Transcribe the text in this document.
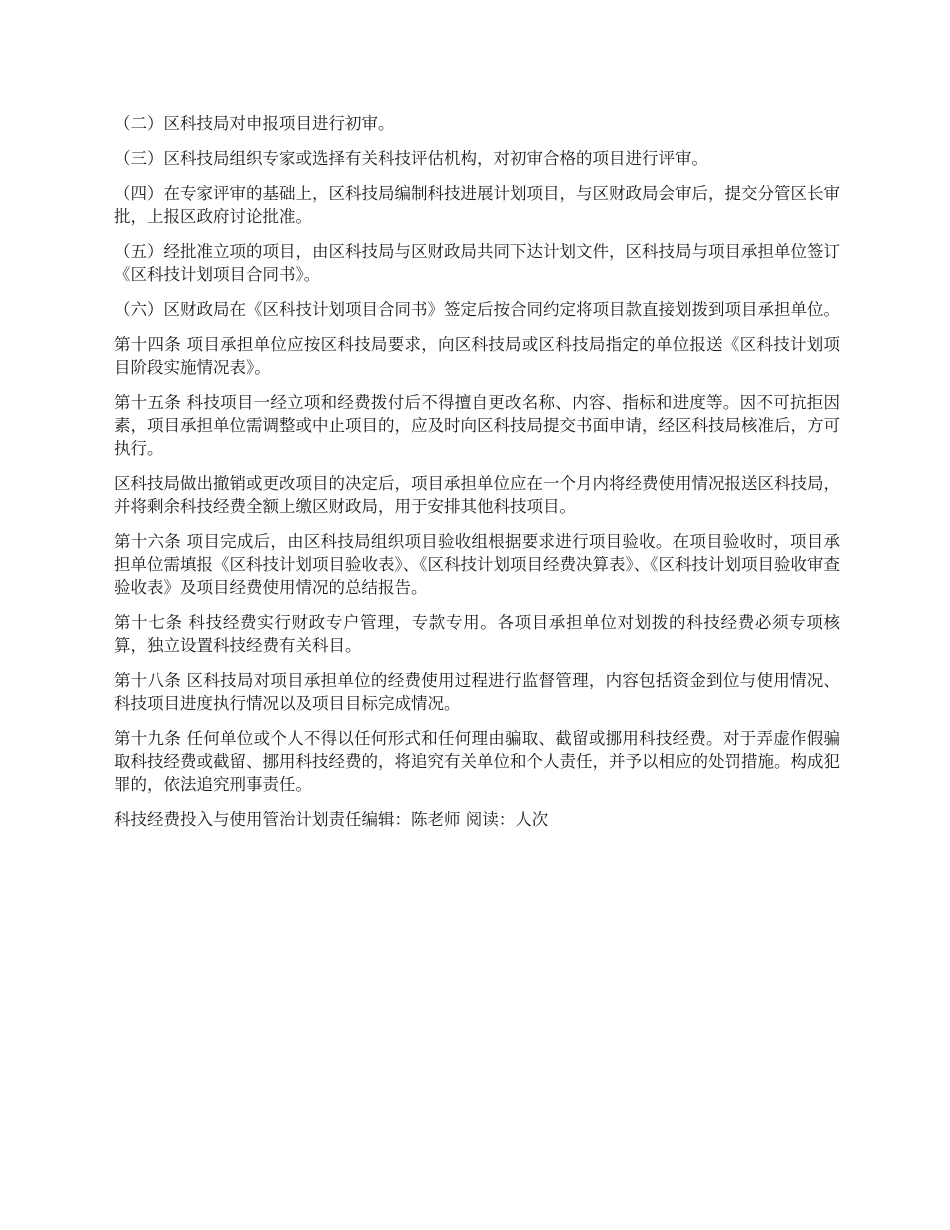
（二）区科技局对申报项目进行初审。

（三）区科技局组织专家或选择有关科技评估机构，对初审合格的项目进行评审。

（四）在专家评审的基础上，区科技局编制科技进展计划项目，与区财政局会审后，提交分管区长审批，上报区政府讨论批准。

（五）经批准立项的项目，由区科技局与区财政局共同下达计划文件，区科技局与项目承担单位签订《区科技计划项目合同书》。

（六）区财政局在《区科技计划项目合同书》签定后按合同约定将项目款直接划拨到项目承担单位。

第十四条 项目承担单位应按区科技局要求，向区科技局或区科技局指定的单位报送《区科技计划项目阶段实施情况表》。

第十五条 科技项目一经立项和经费拨付后不得擅自更改名称、内容、指标和进度等。因不可抗拒因素，项目承担单位需调整或中止项目的，应及时向区科技局提交书面申请，经区科技局核准后，方可执行。

区科技局做出撤销或更改项目的决定后，项目承担单位应在一个月内将经费使用情况报送区科技局，并将剩余科技经费全额上缴区财政局，用于安排其他科技项目。

第十六条 项目完成后，由区科技局组织项目验收组根据要求进行项目验收。在项目验收时，项目承担单位需填报《区科技计划项目验收表》、《区科技计划项目经费决算表》、《区科技计划项目验收审查验收表》及项目经费使用情况的总结报告。

第十七条 科技经费实行财政专户管理，专款专用。各项目承担单位对划拨的科技经费必须专项核算，独立设置科技经费有关科目。

第十八条 区科技局对项目承担单位的经费使用过程进行监督管理，内容包括资金到位与使用情况、科技项目进度执行情况以及项目目标完成情况。

第十九条 任何单位或个人不得以任何形式和任何理由骗取、截留或挪用科技经费。对于弄虚作假骗取科技经费或截留、挪用科技经费的，将追究有关单位和个人责任，并予以相应的处罚措施。构成犯罪的，依法追究刑事责任。

科技经费投入与使用管治计划责任编辑：陈老师 阅读：人次
